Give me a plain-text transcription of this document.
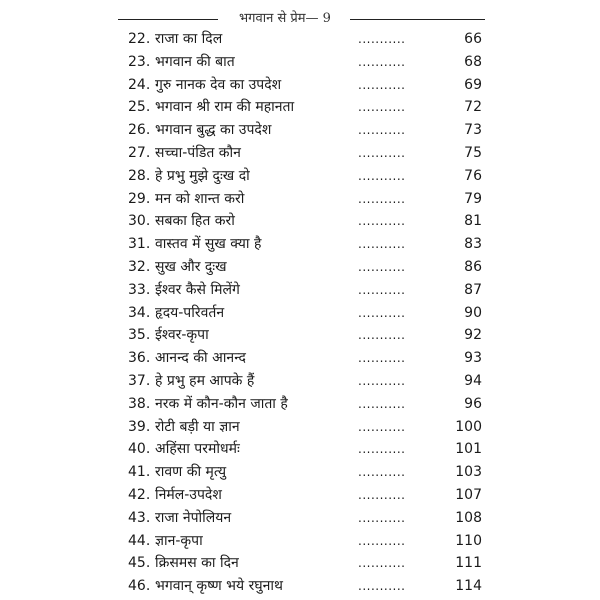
भगवान से प्रेम— 9
22. राजा का दिल	...........	66
23. भगवान की बात	...........	68
24. गुरु नानक देव का उपदेश	...........	69
25. भगवान श्री राम की महानता	...........	72
26. भगवान बुद्ध का उपदेश	...........	73
27. सच्चा-पंडित कौन	...........	75
28. हे प्रभु मुझे दुःख दो	...........	76
29. मन को शान्त करो	...........	79
30. सबका हित करो	...........	81
31. वास्तव में सुख क्या है	...........	83
32. सुख और दुःख	...........	86
33. ईश्वर कैसे मिलेंगे	...........	87
34. हृदय-परिवर्तन	...........	90
35. ईश्वर-कृपा	...........	92
36. आनन्द की आनन्द	...........	93
37. हे प्रभु हम आपके हैं	...........	94
38. नरक में कौन-कौन जाता है	...........	96
39. रोटी बड़ी या ज्ञान	...........	100
40. अहिंसा परमोधर्मः	...........	101
41. रावण की मृत्यु	...........	103
42. निर्मल-उपदेश	...........	107
43. राजा नेपोलियन	...........	108
44. ज्ञान-कृपा	...........	110
45. क्रिसमस का दिन	...........	111
46. भगवान् कृष्ण भये रघुनाथ	...........	114
